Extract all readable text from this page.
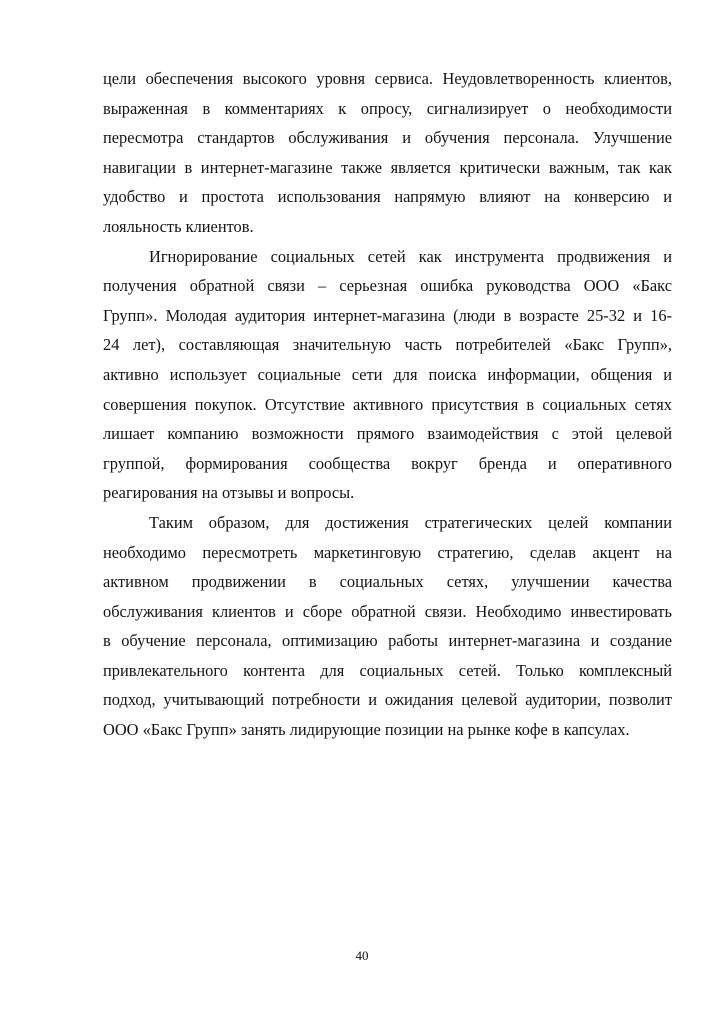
цели обеспечения высокого уровня сервиса. Неудовлетворенность клиентов,
выраженная в комментариях к опросу, сигнализирует о необходимости
пересмотра стандартов обслуживания и обучения персонала. Улучшение
навигации в интернет-магазине также является критически важным, так как
удобство и простота использования напрямую влияют на конверсию и
лояльность клиентов.
Игнорирование социальных сетей как инструмента продвижения и
получения обратной связи – серьезная ошибка руководства ООО «Бакс
Групп». Молодая аудитория интернет-магазина (люди в возрасте 25-32 и 16-
24 лет), составляющая значительную часть потребителей «Бакс Групп»,
активно использует социальные сети для поиска информации, общения и
совершения покупок. Отсутствие активного присутствия в социальных сетях
лишает компанию возможности прямого взаимодействия с этой целевой
группой, формирования сообщества вокруг бренда и оперативного
реагирования на отзывы и вопросы.
Таким образом, для достижения стратегических целей компании
необходимо пересмотреть маркетинговую стратегию, сделав акцент на
активном продвижении в социальных сетях, улучшении качества
обслуживания клиентов и сборе обратной связи. Необходимо инвестировать
в обучение персонала, оптимизацию работы интернет-магазина и создание
привлекательного контента для социальных сетей. Только комплексный
подход, учитывающий потребности и ожидания целевой аудитории, позволит
ООО «Бакс Групп» занять лидирующие позиции на рынке кофе в капсулах.
40
